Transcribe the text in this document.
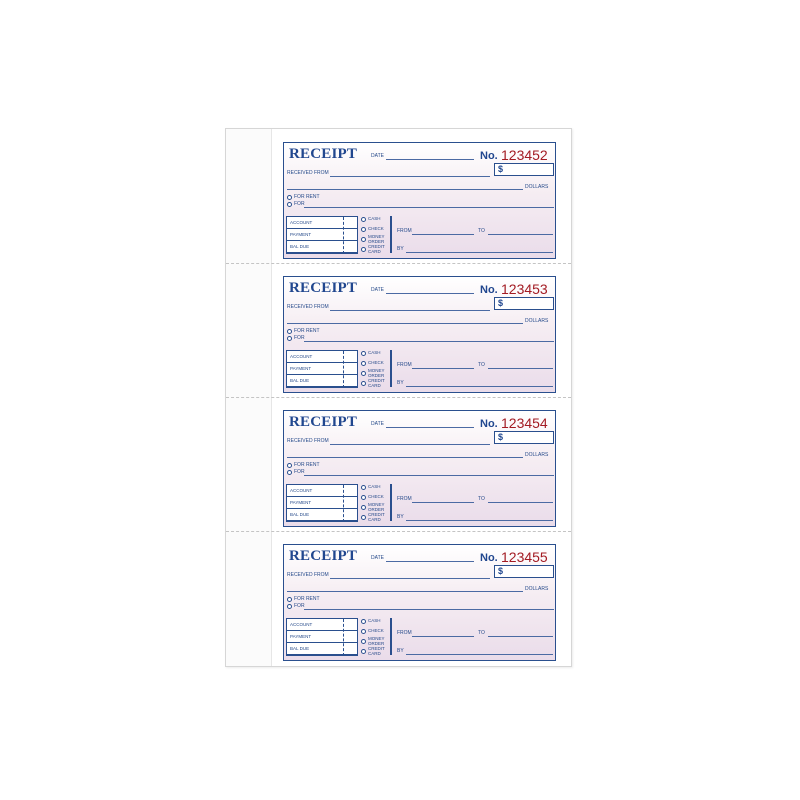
RECEIPT	DATE	No. 123452
$
RECEIVED FROM
DOLLARS
FOR RENT
FOR
ACCOUNT
PAYMENT
BAL DUE
CASH
CHECK
MONEY
ORDER
CREDIT
CARD
FROM	TO
BY
RECEIPT	DATE	No. 123453
$
RECEIVED FROM
DOLLARS
FOR RENT
FOR
ACCOUNT
PAYMENT
BAL DUE
CASH
CHECK
MONEY
ORDER
CREDIT
CARD
FROM	TO
BY
RECEIPT	DATE	No. 123454
$
RECEIVED FROM
DOLLARS
FOR RENT
FOR
ACCOUNT
PAYMENT
BAL DUE
CASH
CHECK
MONEY
ORDER
CREDIT
CARD
FROM	TO
BY
RECEIPT	DATE	No. 123455
$
RECEIVED FROM
DOLLARS
FOR RENT
FOR
ACCOUNT
PAYMENT
BAL DUE
CASH
CHECK
MONEY
ORDER
CREDIT
CARD
FROM	TO
BY
